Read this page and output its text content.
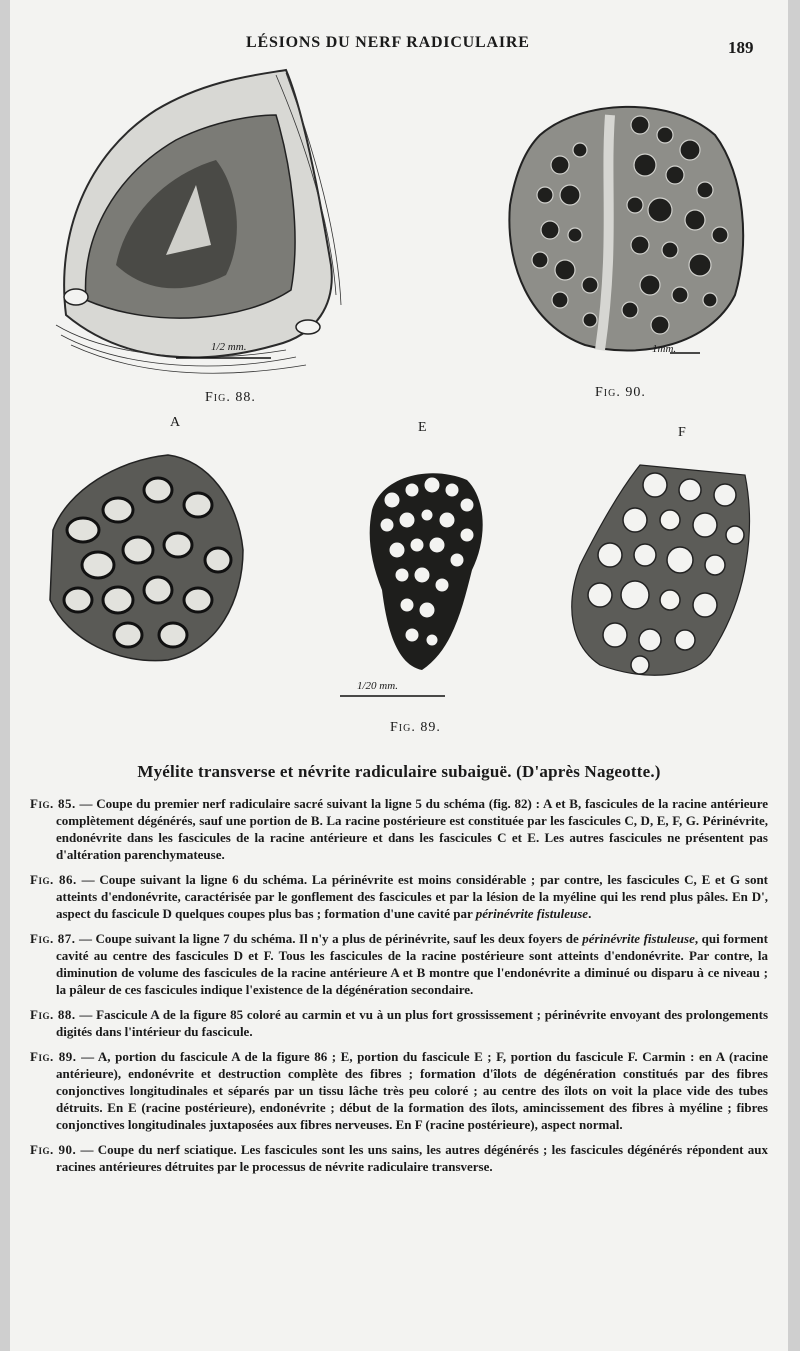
LÉSIONS DU NERF RADICULAIRE	189
1/2 mm.
Fig. 88.
1mm.
Fig. 90.
A	E	F
1/20 mm.
Fig. 89.
Myélite transverse et névrite radiculaire subaiguë. (D'après Nageotte.)

Fig. 85. — Coupe du premier nerf radiculaire sacré suivant la ligne 5 du schéma (fig. 82) : A et B, fascicules de la racine antérieure complètement dégénérés, sauf une portion de B. La racine postérieure est constituée par les fascicules C, D, E, F, G. Périnévrite, endonévrite dans les fascicules de la racine antérieure et dans les fascicules C et E. Les autres fascicules ne présentent pas d'altération parenchymateuse.

Fig. 86. — Coupe suivant la ligne 6 du schéma. La périnévrite est moins considérable ; par contre, les fascicules C, E et G sont atteints d'endonévrite, caractérisée par le gonflement des fascicules et par la lésion de la myéline qui les rend plus pâles. En D', aspect du fascicule D quelques coupes plus bas ; formation d'une cavité par périnévrite fistuleuse.

Fig. 87. — Coupe suivant la ligne 7 du schéma. Il n'y a plus de périnévrite, sauf les deux foyers de périnévrite fistuleuse, qui forment cavité au centre des fascicules D et F. Tous les fascicules de la racine postérieure sont atteints d'endonévrite. Par contre, la diminution de volume des fascicules de la racine antérieure A et B montre que l'endonévrite a diminué ou disparu à ce niveau ; la pâleur de ces fascicules indique l'existence de la dégénération secondaire.

Fig. 88. — Fascicule A de la figure 85 coloré au carmin et vu à un plus fort grossissement ; périnévrite envoyant des prolongements digités dans l'intérieur du fascicule.

Fig. 89. — A, portion du fascicule A de la figure 86 ; E, portion du fascicule E ; F, portion du fascicule F. Carmin : en A (racine antérieure), endonévrite et destruction complète des fibres ; formation d'îlots de dégénération constitués par des fibres conjonctives longitudinales et séparés par un tissu lâche très peu coloré ; au centre des îlots on voit la place vide des tubes détruits. En E (racine postérieure), endonévrite ; début de la formation des îlots, amincissement des fibres à myéline ; fibres conjonctives longitudinales juxtaposées aux fibres nerveuses. En F (racine postérieure), aspect normal.

Fig. 90. — Coupe du nerf sciatique. Les fascicules sont les uns sains, les autres dégénérés ; les fascicules dégénérés répondent aux racines antérieures détruites par le processus de névrite radiculaire transverse.
